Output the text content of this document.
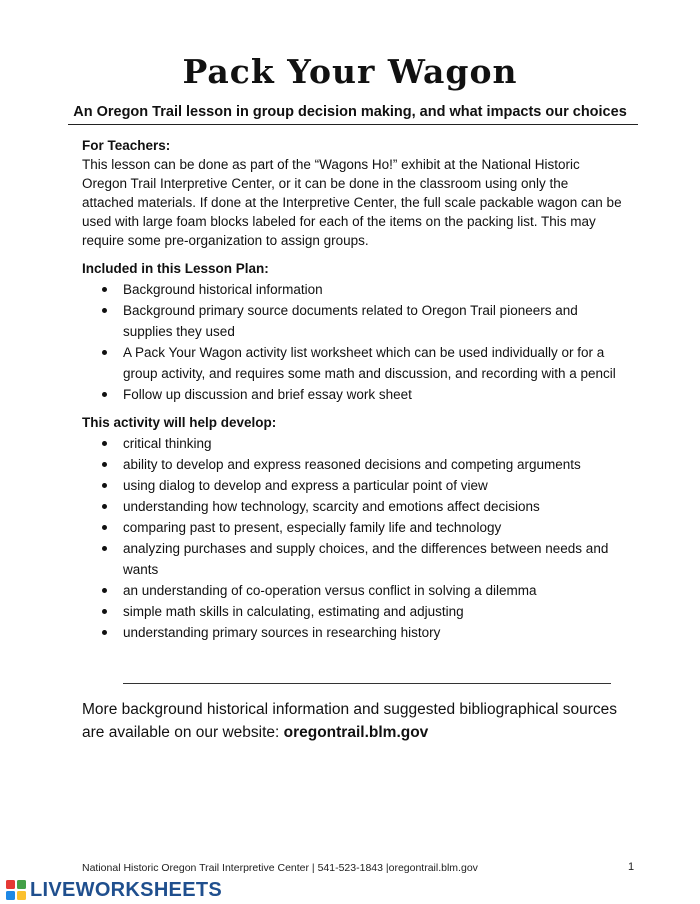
Pack Your Wagon
An Oregon Trail lesson in group decision making, and what impacts our choices

For Teachers:

This lesson can be done as part of the “Wagons Ho!” exhibit at the National Historic Oregon Trail Interpretive Center, or it can be done in the classroom using only the attached materials. If done at the Interpretive Center, the full scale packable wagon can be used with large foam blocks labeled for each of the items on the packing list. This may require some pre-organization to assign groups.

Included in this Lesson Plan:

Background historical information
Background primary source documents related to Oregon Trail pioneers and supplies they used
A Pack Your Wagon activity list worksheet which can be used individually or for a group activity, and requires some math and discussion, and recording with a pencil
Follow up discussion and brief essay work sheet

This activity will help develop:

critical thinking
ability to develop and express reasoned decisions and competing arguments
using dialog to develop and express a particular point of view
understanding how technology, scarcity and emotions affect decisions
comparing past to present, especially family life and technology
analyzing purchases and supply choices, and the differences between needs and wants
an understanding of co-operation versus conflict in solving a dilemma
simple math skills in calculating, estimating and adjusting
understanding primary sources in researching history
More background historical information and suggested bibliographical sources are available on our website: oregontrail.blm.gov
National Historic Oregon Trail Interpretive Center | 541-523-1843 |oregontrail.blm.gov	1
LIVEWORKSHEETS
